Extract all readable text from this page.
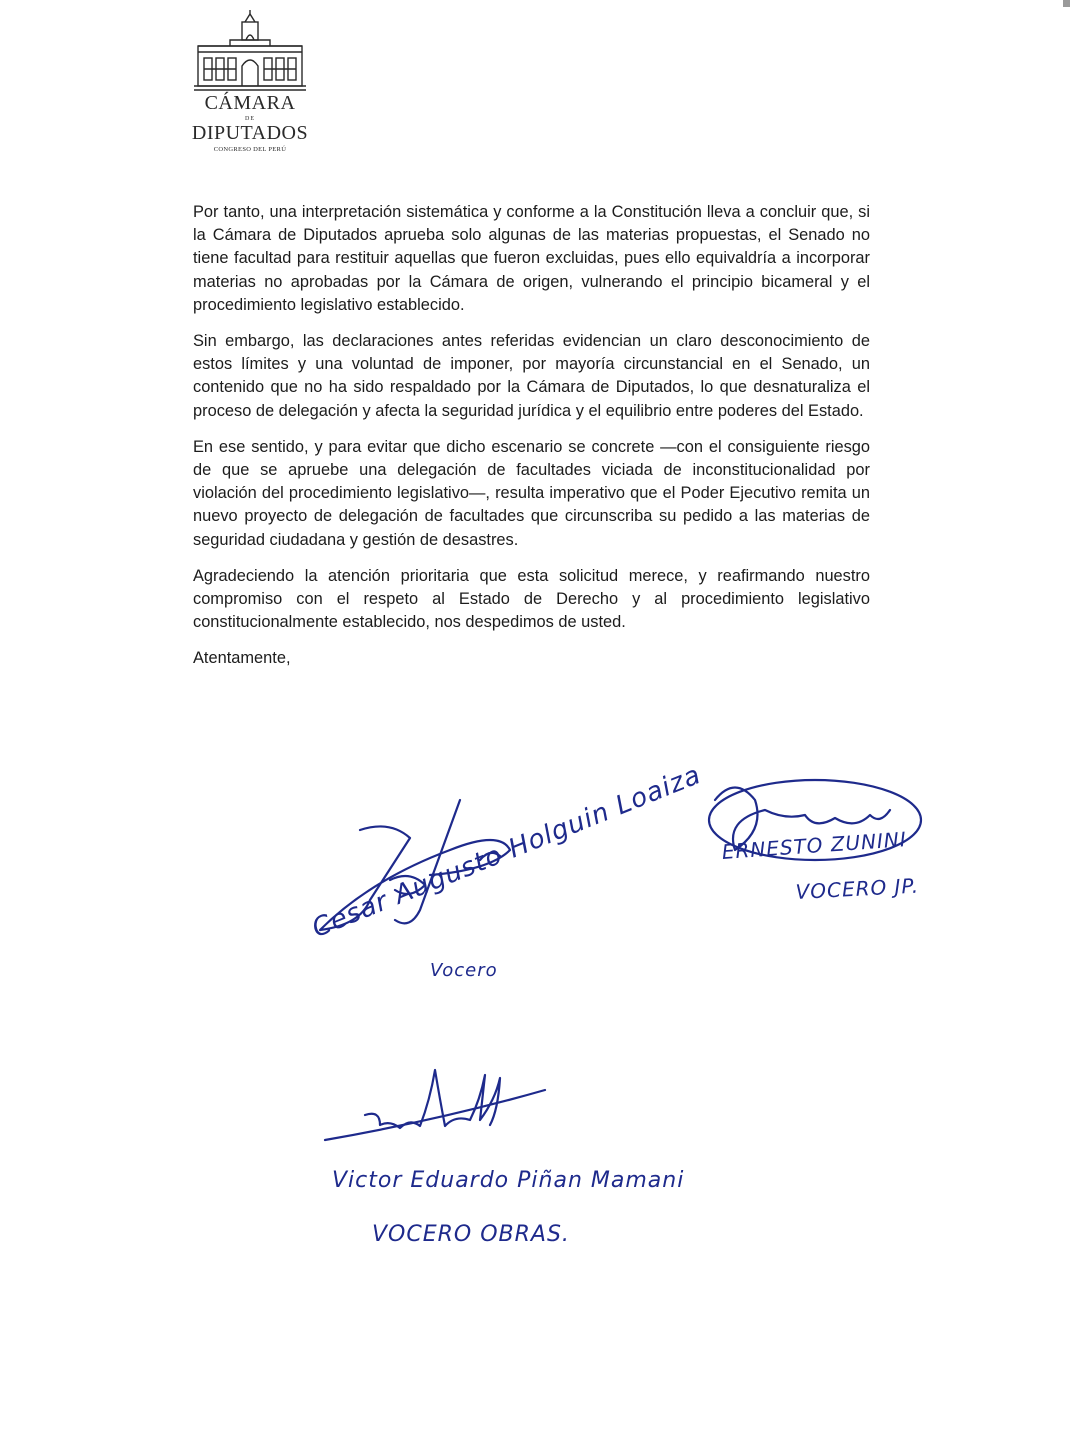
CÁMARA
DE
DIPUTADOS
CONGRESO DEL PERÚ

Por tanto, una interpretación sistemática y conforme a la Constitución lleva a concluir que, si la Cámara de Diputados aprueba solo algunas de las materias propuestas, el Senado no tiene facultad para restituir aquellas que fueron excluidas, pues ello equivaldría a incorporar materias no aprobadas por la Cámara de origen, vulnerando el principio bicameral y el procedimiento legislativo establecido.

Sin embargo, las declaraciones antes referidas evidencian un claro desconocimiento de estos límites y una voluntad de imponer, por mayoría circunstancial en el Senado, un contenido que no ha sido respaldado por la Cámara de Diputados, lo que desnaturaliza el proceso de delegación y afecta la seguridad jurídica y el equilibrio entre poderes del Estado.

En ese sentido, y para evitar que dicho escenario se concrete —con el consiguiente riesgo de que se apruebe una delegación de facultades viciada de inconstitucionalidad por violación del procedimiento legislativo—, resulta imperativo que el Poder Ejecutivo remita un nuevo proyecto de delegación de facultades que circunscriba su pedido a las materias de seguridad ciudadana y gestión de desastres.

Agradeciendo la atención prioritaria que esta solicitud merece, y reafirmando nuestro compromiso con el respeto al Estado de Derecho y al procedimiento legislativo constitucionalmente establecido, nos despedimos de usted.

Atentamente,

Cesar Augusto Holguin Loaiza
Vocero
ERNESTO ZUNINI
VOCERO JP.
Victor Eduardo Piñan Mamani
VOCERO OBRAS.
